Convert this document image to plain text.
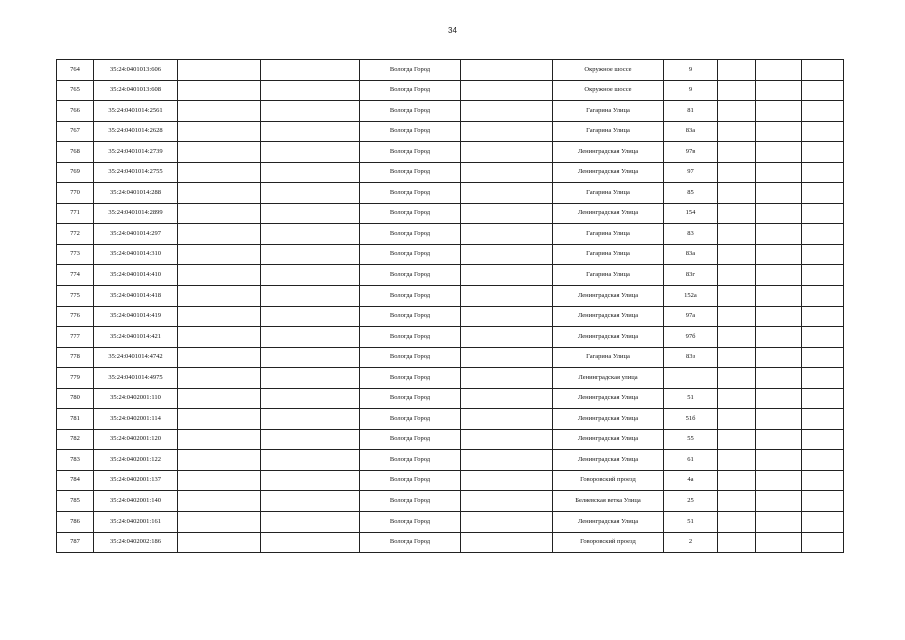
34
764	35:24:0401013:606			Вологда Город		Окружное шоссе	9			
765	35:24:0401013:608			Вологда Город		Окружное шоссе	9			
766	35:24:0401014:2561			Вологда Город		Гагарина Улица	81			
767	35:24:0401014:2628			Вологда Город		Гагарина Улица	83а			
768	35:24:0401014:2739			Вологда Город		Ленинградская Улица	97в			
769	35:24:0401014:2755			Вологда Город		Ленинградская Улица	97			
770	35:24:0401014:288			Вологда Город		Гагарина Улица	85			
771	35:24:0401014:2899			Вологда Город		Ленинградская Улица	154			
772	35:24:0401014:297			Вологда Город		Гагарина Улица	83			
773	35:24:0401014:310			Вологда Город		Гагарина Улица	83а			
774	35:24:0401014:410			Вологда Город		Гагарина Улица	83г			
775	35:24:0401014:418			Вологда Город		Ленинградская Улица	152а			
776	35:24:0401014:419			Вологда Город		Ленинградская Улица	97а			
777	35:24:0401014:421			Вологда Город		Ленинградская Улица	97б			
778	35:24:0401014:4742			Вологда Город		Гагарина Улица	83з			
779	35:24:0401014:4975			Вологда Город		Ленинградская улица				
780	35:24:0402001:110			Вологда Город		Ленинградская Улица	51			
781	35:24:0402001:114			Вологда Город		Ленинградская Улица	51б			
782	35:24:0402001:120			Вологда Город		Ленинградская Улица	55			
783	35:24:0402001:122			Вологда Город		Ленинградская Улица	61			
784	35:24:0402001:137			Вологда Город		Говоровский проезд	4а			
785	35:24:0402001:140			Вологда Город		Беляевская ветка Улица	25			
786	35:24:0402001:161			Вологда Город		Ленинградская Улица	51			
787	35:24:0402002:186			Вологда Город		Говоровский проезд	2			
